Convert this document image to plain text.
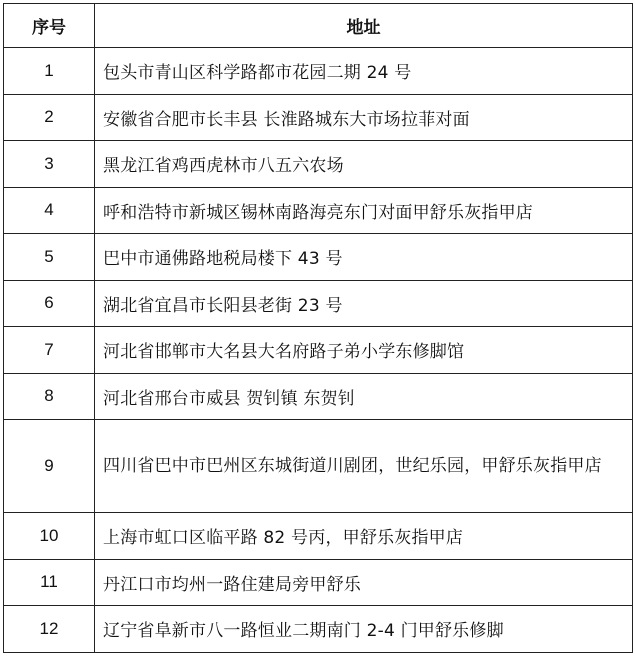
序号	地址
1	包头市青山区科学路都市花园二期 24 号
2	安徽省合肥市长丰县 长淮路城东大市场拉菲对面
3	黑龙江省鸡西虎林市八五六农场
4	呼和浩特市新城区锡林南路海亮东门对面甲舒乐灰指甲店
5	巴中市通佛路地税局楼下 43 号
6	湖北省宜昌市长阳县老街 23 号
7	河北省邯郸市大名县大名府路子弟小学东修脚馆
8	河北省邢台市威县 贺钊镇 东贺钊
9	四川省巴中市巴州区东城街道川剧团，世纪乐园，甲舒乐灰指甲店
10	上海市虹口区临平路 82 号丙，甲舒乐灰指甲店
11	丹江口市均州一路住建局旁甲舒乐
12	辽宁省阜新市八一路恒业二期南门 2-4 门甲舒乐修脚
